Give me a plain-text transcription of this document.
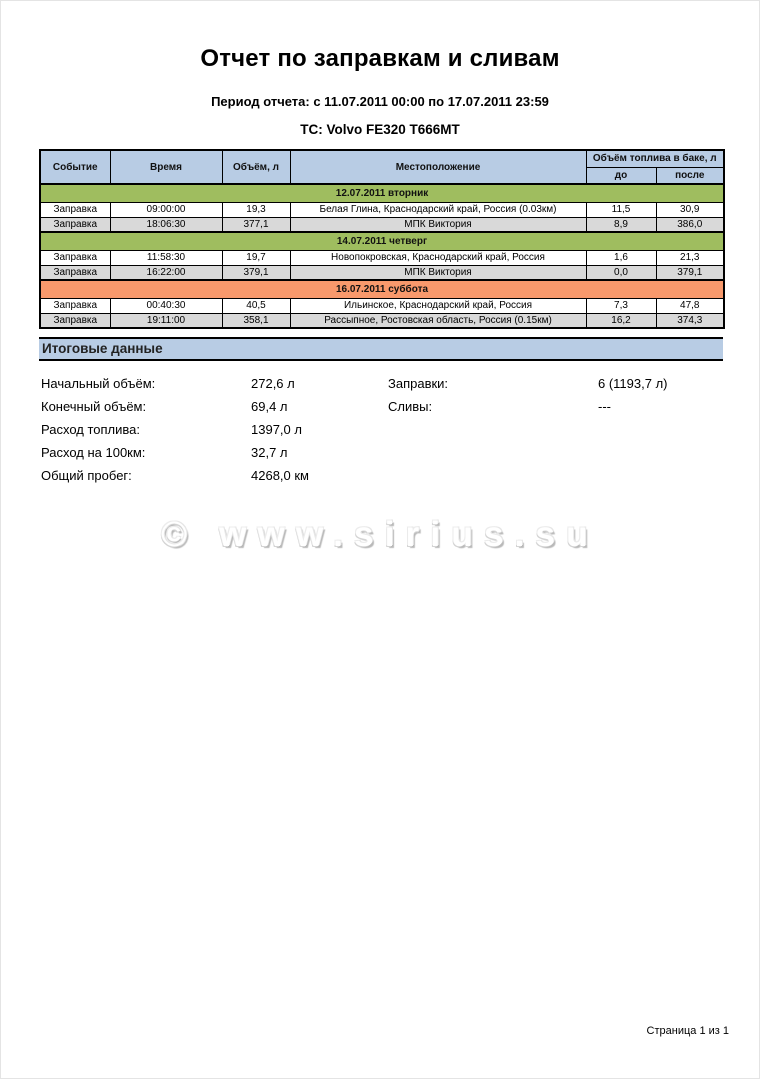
Отчет по заправкам и сливам
Период отчета: с 11.07.2011 00:00 по 17.07.2011 23:59
ТС: Volvo FE320 Т666МТ
Событие	Время	Объём, л	Местоположение	Объём топлива в баке, л	
				до	после
12.07.2011 вторник					
Заправка	09:00:00	19,3	Белая Глина, Краснодарский край, Россия (0.03км)	11,5	30,9
Заправка	18:06:30	377,1	МПК Виктория	8,9	386,0
14.07.2011 четверг					
Заправка	11:58:30	19,7	Новопокровская, Краснодарский край, Россия	1,6	21,3
Заправка	16:22:00	379,1	МПК Виктория	0,0	379,1
16.07.2011 суббота					
Заправка	00:40:30	40,5	Ильинское, Краснодарский край, Россия	7,3	47,8
Заправка	19:11:00	358,1	Рассыпное, Ростовская область, Россия (0.15км)	16,2	374,3
Итоговые данные
Начальный объём:	272,6 л
Конечный объём:	69,4 л
Расход топлива:	1397,0 л
Расход на 100км:	32,7 л
Общий пробег:	4268,0 км
Заправки:	6 (1193,7 л)
Сливы:	---
© www.sirius.su
Страница 1 из 1
